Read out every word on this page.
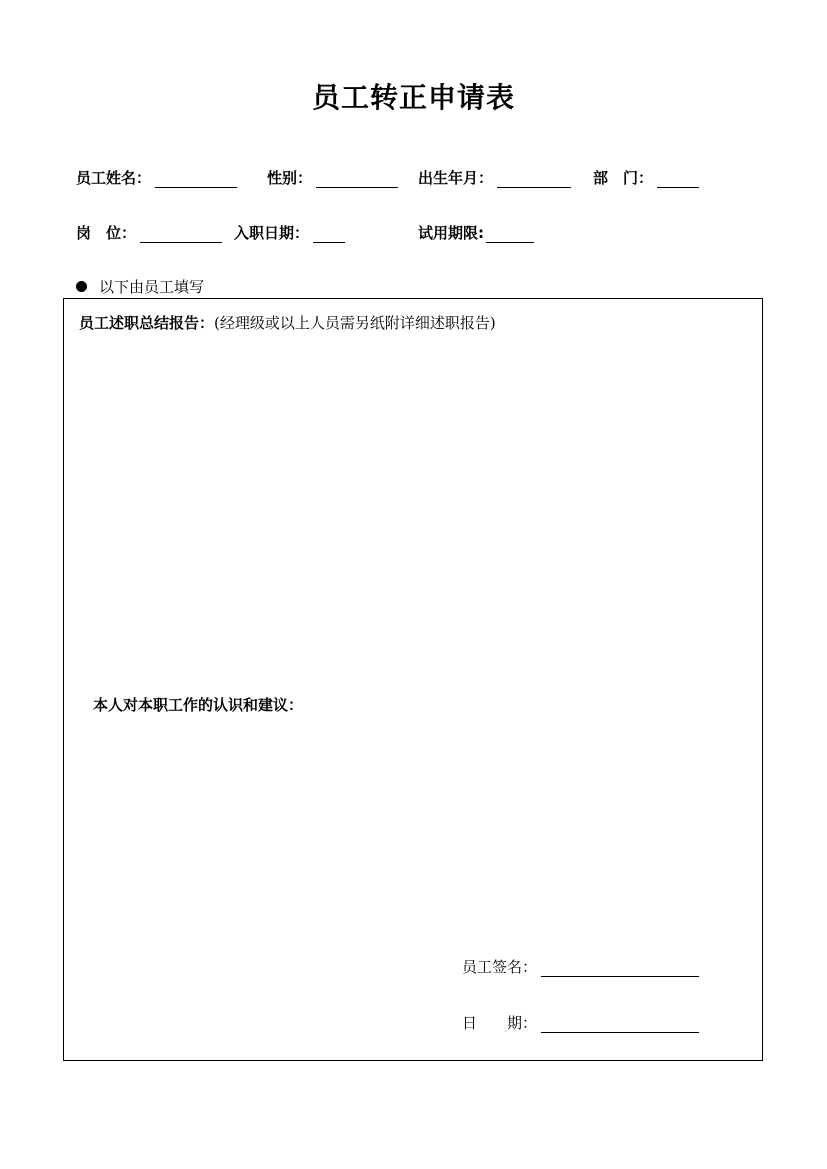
员工转正申请表
员工姓名：	性别：	出生年月：	部　门：
岗　位：	入职日期：	试用期限:
以下由员工填写
员工述职总结报告：(经理级或以上人员需另纸附详细述职报告)
本人对本职工作的认识和建议：
员工签名：
日　　期：
